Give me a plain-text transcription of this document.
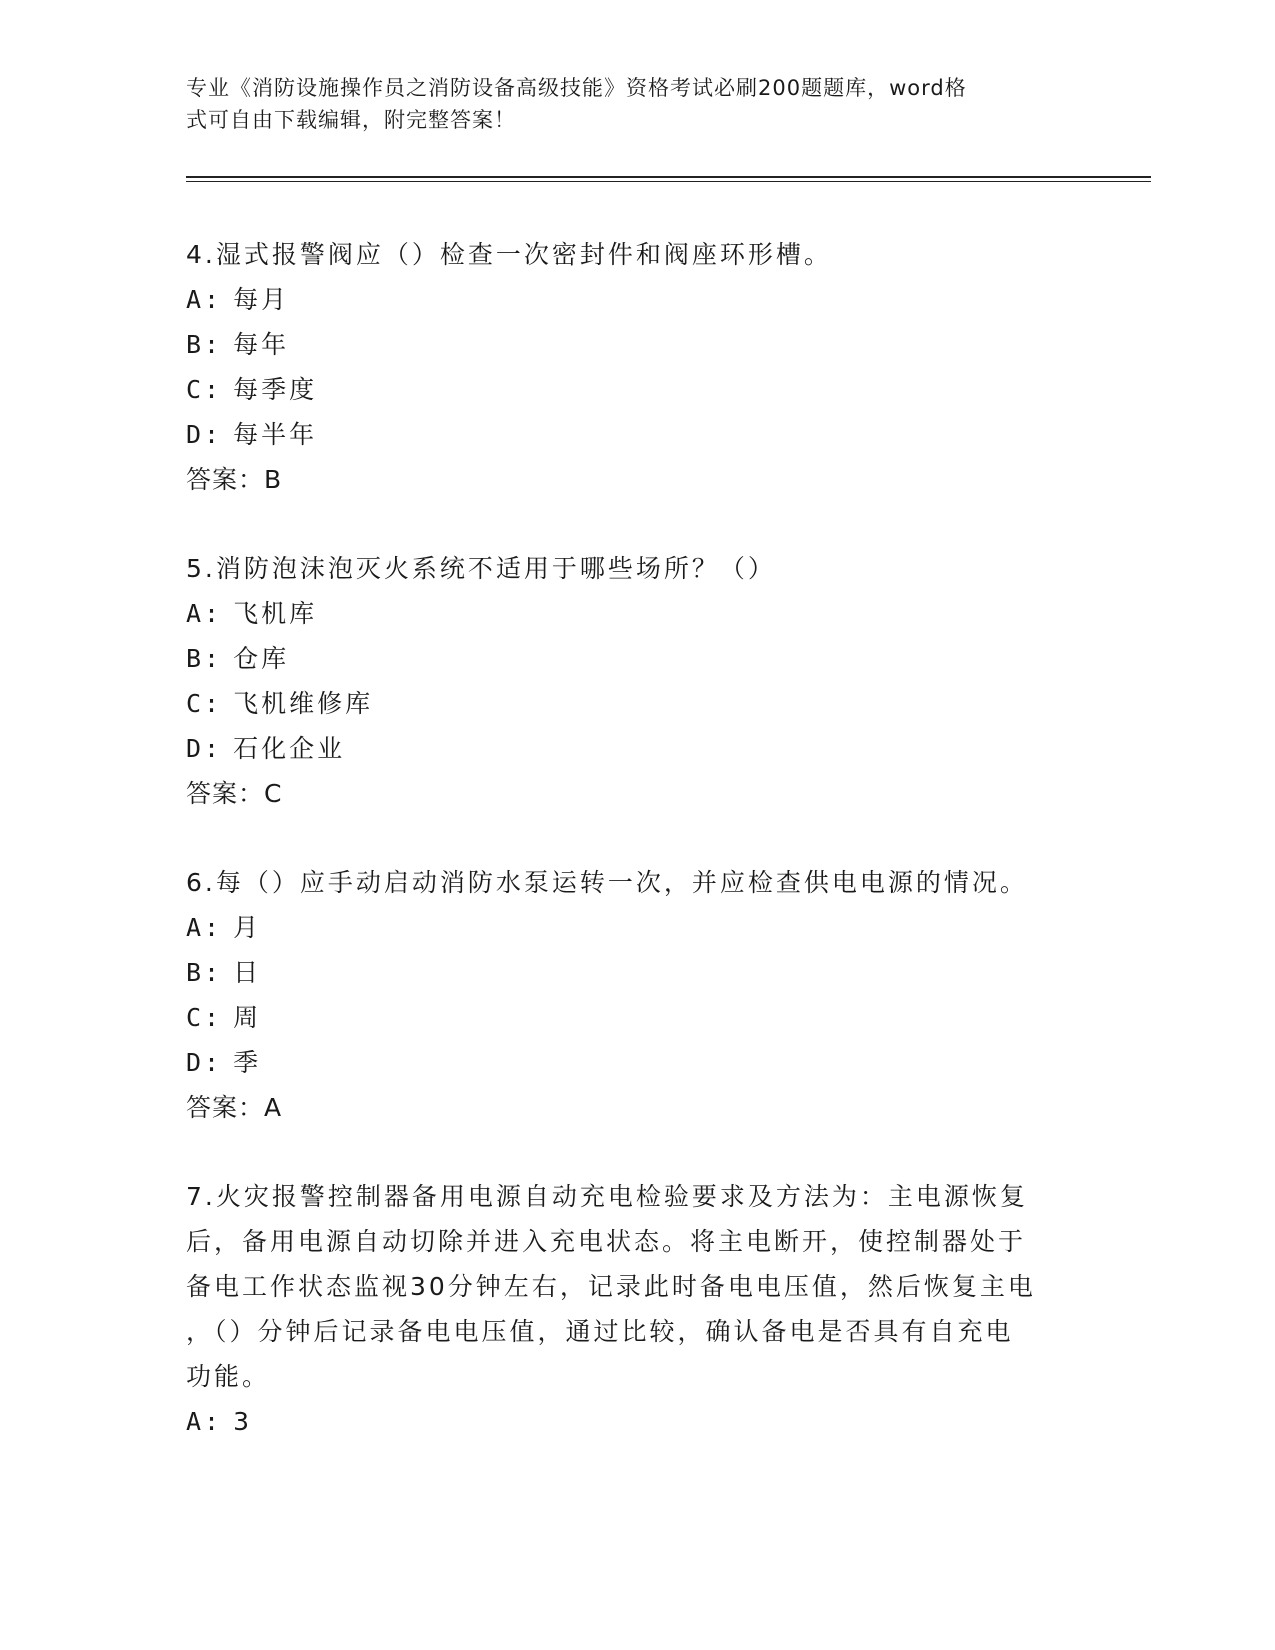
专业《消防设施操作员之消防设备高级技能》资格考试必刷200题题库，word格
式可自由下载编辑，附完整答案！
4.湿式报警阀应（）检查一次密封件和阀座环形槽。
A: 每月
B: 每年
C: 每季度
D: 每半年
答案：B
5.消防泡沫泡灭火系统不适用于哪些场所？（）
A: 飞机库
B: 仓库
C: 飞机维修库
D: 石化企业
答案：C
6.每（）应手动启动消防水泵运转一次，并应检查供电电源的情况。
A: 月
B: 日
C: 周
D: 季
答案：A
7.火灾报警控制器备用电源自动充电检验要求及方法为：主电源恢复
后，备用电源自动切除并进入充电状态。将主电断开，使控制器处于
备电工作状态监视30分钟左右，记录此时备电电压值，然后恢复主电
，（）分钟后记录备电电压值，通过比较，确认备电是否具有自充电
功能。
A: 3
